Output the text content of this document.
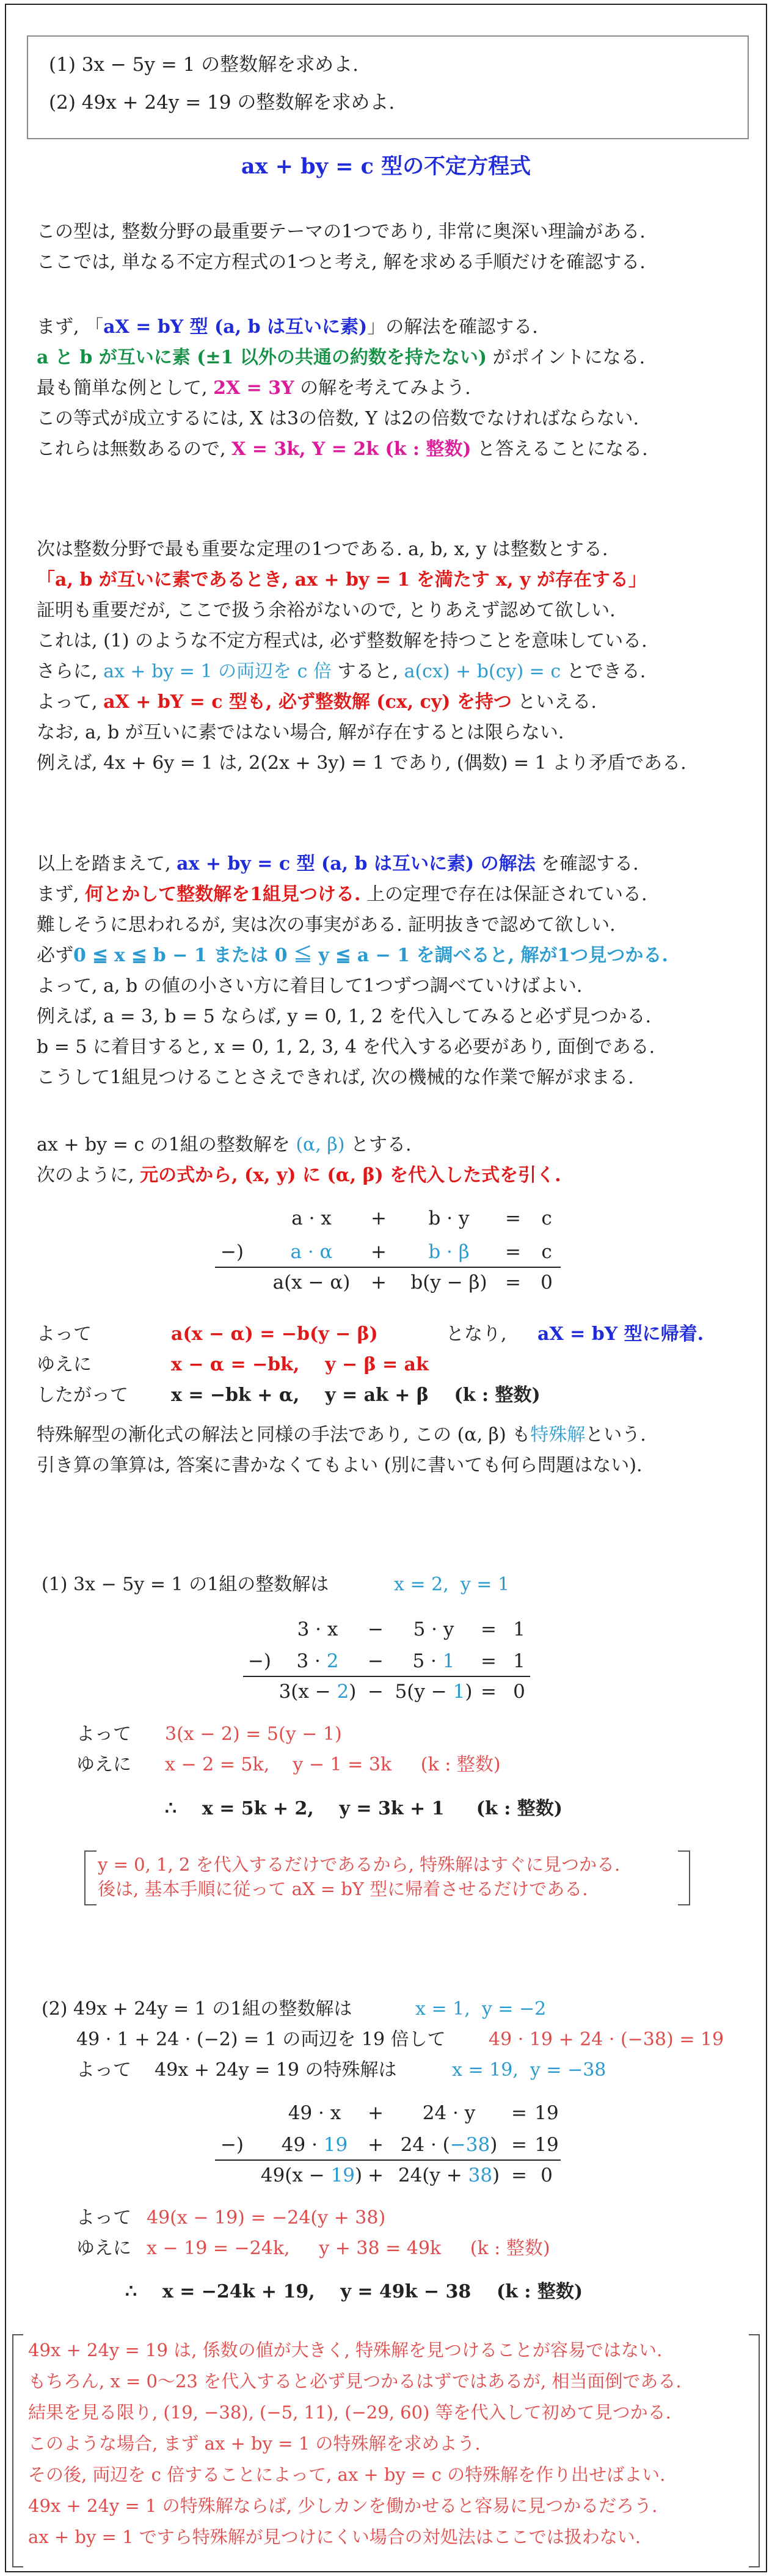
(1) 3x − 5y = 1 の整数解を求めよ.
(2) 49x + 24y = 19 の整数解を求めよ.
ax + by = c 型の不定方程式
この型は, 整数分野の最重要テーマの1つであり, 非常に奥深い理論がある.
ここでは, 単なる不定方程式の1つと考え, 解を求める手順だけを確認する.
まず, 「aX = bY 型 (a, b は互いに素)」の解法を確認する.
a と b が互いに素 (±1 以外の共通の約数を持たない) がポイントになる.
最も簡単な例として, 2X = 3Y の解を考えてみよう.
この等式が成立するには, X は3の倍数, Y は2の倍数でなければならない.
これらは無数あるので, X = 3k, Y = 2k (k : 整数) と答えることになる.
次は整数分野で最も重要な定理の1つである. a, b, x, y は整数とする.
「a, b が互いに素であるとき, ax + by = 1 を満たす x, y が存在する」
証明も重要だが, ここで扱う余裕がないので, とりあえず認めて欲しい.
これは, (1) のような不定方程式は, 必ず整数解を持つことを意味している.
さらに, ax + by = 1 の両辺を c 倍 すると, a(cx) + b(cy) = c とできる.
よって, aX + bY = c 型も, 必ず整数解 (cx, cy) を持つ といえる.
なお, a, b が互いに素ではない場合, 解が存在するとは限らない.
例えば, 4x + 6y = 1 は, 2(2x + 3y) = 1 であり, (偶数) = 1 より矛盾である.
以上を踏まえて, ax + by = c 型 (a, b は互いに素) の解法 を確認する.
まず, 何とかして整数解を1組見つける. 上の定理で存在は保証されている.
難しそうに思われるが, 実は次の事実がある. 証明抜きで認めて欲しい.
必ず0 ≦ x ≦ b − 1 または 0 ≦ y ≦ a − 1 を調べると, 解が1つ見つかる.
よって, a, b の値の小さい方に着目して1つずつ調べていけばよい.
例えば, a = 3, b = 5 ならば, y = 0, 1, 2 を代入してみると必ず見つかる.
b = 5 に着目すると, x = 0, 1, 2, 3, 4 を代入する必要があり, 面倒である.
こうして1組見つけることさえできれば, 次の機械的な作業で解が求まる.
ax + by = c の1組の整数解を (α, β) とする.
次のように, 元の式から, (x, y) に (α, β) を代入した式を引く.
a · x	+	b · y	=	c
−)	a · α	+	b · β	=	c
a(x − α)	+	b(y − β) =	0
よって	a(x − α) = −b(y − β)	となり, aX = bY 型に帰着.
ゆえに	x − α = −bk,    y − β = ak
したがって x = −bk + α,    y = ak + β    (k : 整数)
特殊解型の漸化式の解法と同様の手法であり, この (α, β) も特殊解という.
引き算の筆算は, 答案に書かなくてもよい (別に書いても何ら問題はない).
(1) 3x − 5y = 1 の1組の整数解は	x = 2,  y = 1
3 · x	−	5 · y	= 1
−)	3 · 2	−	5 · 1	= 1
3(x − 2) − 5(y − 1) = 0
よって 3(x − 2) = 5(y − 1)
ゆえに x − 2 = 5k,    y − 1 = 3k     (k : 整数)
∴    x = 5k + 2,    y = 3k + 1     (k : 整数)
y = 0, 1, 2 を代入するだけであるから, 特殊解はすぐに見つかる.
後は, 基本手順に従って aX = bY 型に帰着させるだけである.
(2) 49x + 24y = 1 の1組の整数解は	x = 1,  y = −2
49 · 1 + 24 · (−2) = 1 の両辺を 19 倍して 49 · 19 + 24 · (−38) = 19
よって    49x + 24y = 19 の特殊解は	x = 19,  y = −38
49 · x	+	24 · y	= 19
−)	49 · 19	+ 24 · (−38) = 19
49(x − 19) + 24(y + 38) = 0
よって 49(x − 19) = −24(y + 38)
ゆえに x − 19 = −24k,     y + 38 = 49k     (k : 整数)
∴    x = −24k + 19,    y = 49k − 38    (k : 整数)
49x + 24y = 19 は, 係数の値が大きく, 特殊解を見つけることが容易ではない.
もちろん, x = 0〜23 を代入すると必ず見つかるはずではあるが, 相当面倒である.
結果を見る限り, (19, −38), (−5, 11), (−29, 60) 等を代入して初めて見つかる.
このような場合, まず ax + by = 1 の特殊解を求めよう.
その後, 両辺を c 倍することによって, ax + by = c の特殊解を作り出せばよい.
49x + 24y = 1 の特殊解ならば, 少しカンを働かせると容易に見つかるだろう.
ax + by = 1 ですら特殊解が見つけにくい場合の対処法はここでは扱わない.
